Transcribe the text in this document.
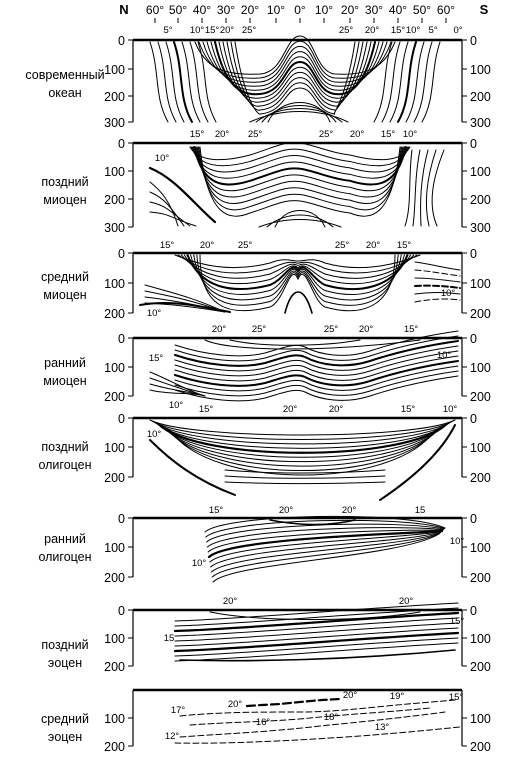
современный
океан
поздний
миоцен
средний
миоцен
ранний
миоцен
поздний
олигоцен
ранний
олигоцен
поздний
эоцен
средний
эоцен
N	S
60° 50° 40° 30° 20° 10° 0° 10° 20° 30° 40° 50° 60°
0	0
100	100
200	200
300	300
5° 10° 15° 20° 25°	25° 20° 15° 10° 5° 0°
0	0
100	100
200	200
300	300
15° 20° 25°	25° 20° 15° 10°
10°
0	0
100	100
200	200
15°	20° 25°	25° 20° 15°
10°
10°
0	0
100	100
200	200
20°	25°	25° 20°	15°
15°	10°
10°
0	0
100	100
200	200
15°	20°	20°	15°	10°
10°
0	0
100	100
200	200
15°	20°	20°	15
10°
10°
0	0
100	100
200	200
20°	20°
15
15°
100	100
200	200
20°
20°	19°	15°
17°
16°	18°
12°
13°
